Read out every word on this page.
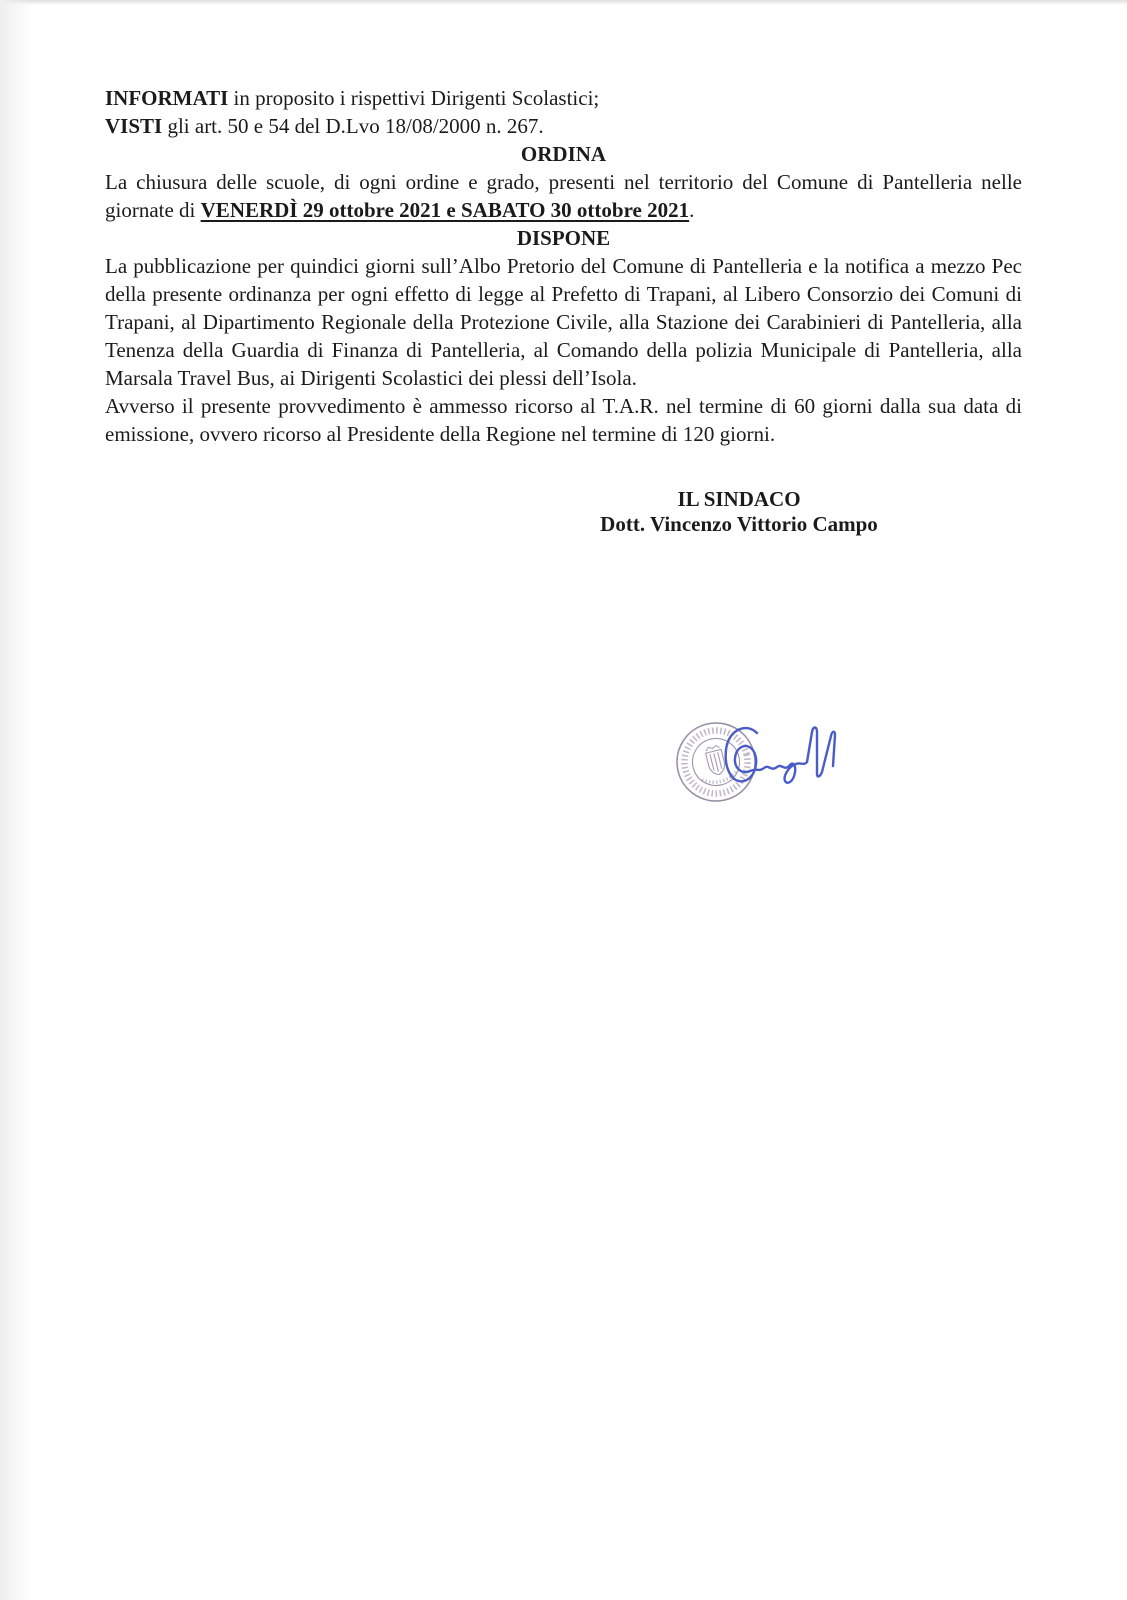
INFORMATI in proposito i rispettivi Dirigenti Scolastici;

VISTI gli art. 50 e 54 del D.Lvo 18/08/2000 n. 267.

ORDINA

La chiusura delle scuole, di ogni ordine e grado, presenti nel territorio del Comune di Pantelleria nelle giornate di VENERDÌ 29 ottobre 2021 e SABATO 30 ottobre 2021.

DISPONE

La pubblicazione per quindici giorni sull’Albo Pretorio del Comune di Pantelleria e la notifica a mezzo Pec della presente ordinanza per ogni effetto di legge al Prefetto di Trapani, al Libero Consorzio dei Comuni di Trapani, al Dipartimento Regionale della Protezione Civile, alla Stazione dei Carabinieri di Pantelleria, alla Tenenza della Guardia di Finanza di Pantelleria, al Comando della polizia Municipale di Pantelleria, alla Marsala Travel Bus, ai Dirigenti Scolastici dei plessi dell’Isola.

Avverso il presente provvedimento è ammesso ricorso al T.A.R. nel termine di 60 giorni dalla sua data di emissione, ovvero ricorso al Presidente della Regione nel termine di 120 giorni.

IL SINDACO
Dott. Vincenzo Vittorio Campo
